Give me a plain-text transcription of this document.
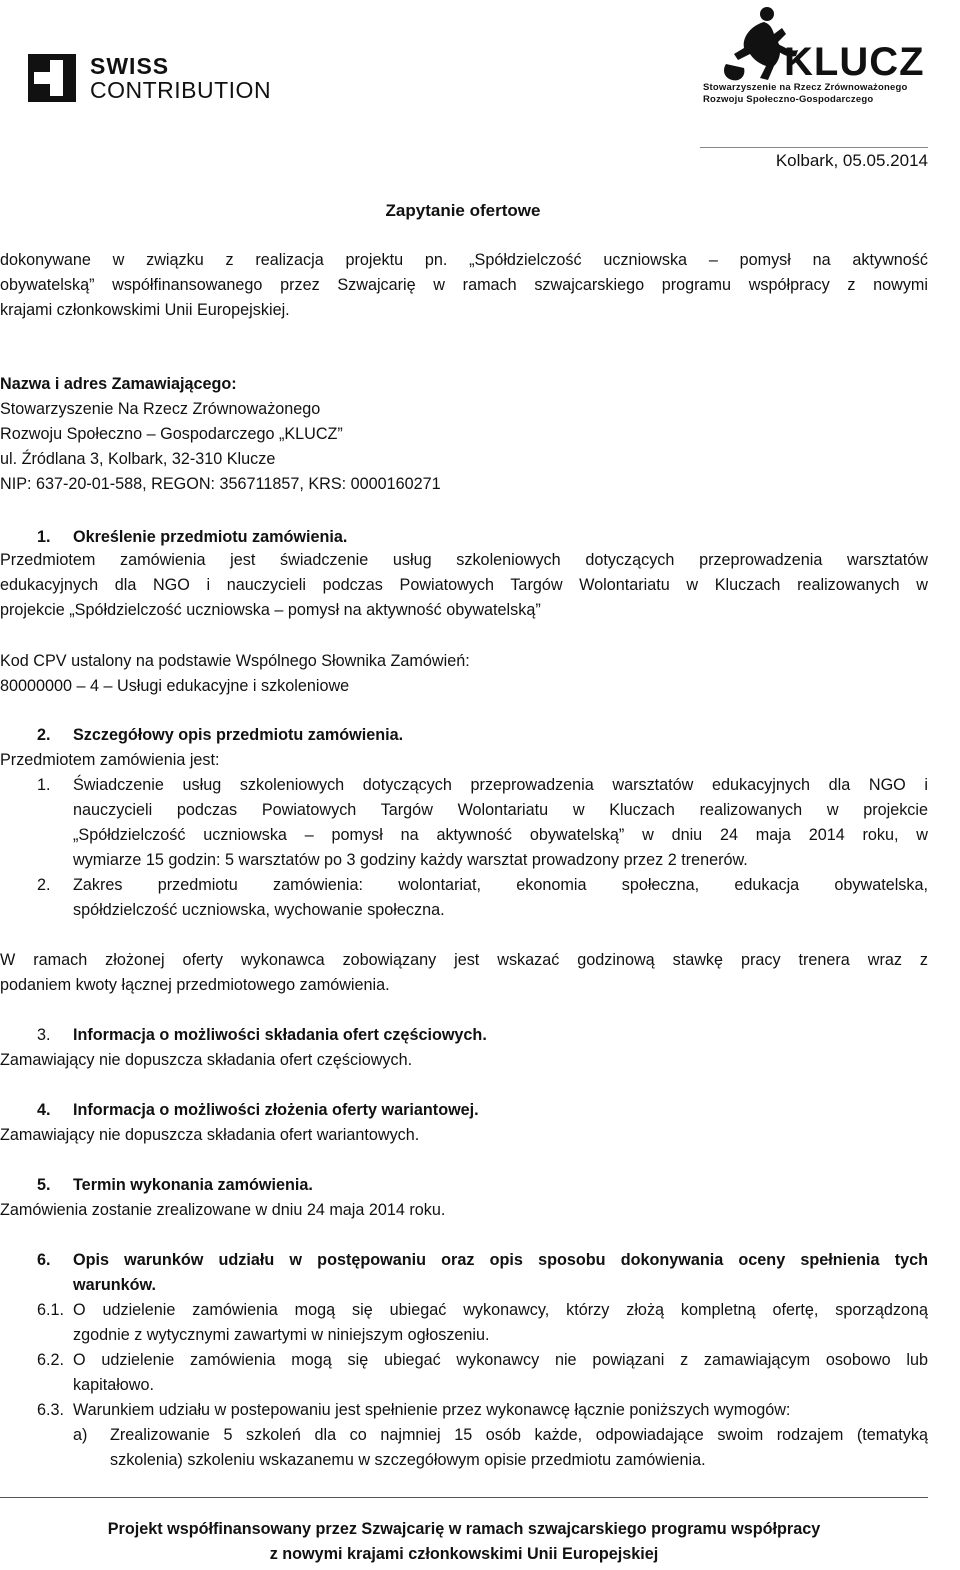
SWISS
CONTRIBUTION
KLUCZ
Stowarzyszenie na Rzecz Zrównoważonego
Rozwoju Społeczno-Gospodarczego
Kolbark, 05.05.2014
Zapytanie ofertowe
dokonywane w związku z realizacja projektu pn. „Spółdzielczość uczniowska – pomysł na aktywność
obywatelską” współfinansowanego przez Szwajcarię w ramach szwajcarskiego programu współpracy z nowymi
krajami członkowskimi Unii Europejskiej.
Nazwa i adres Zamawiającego:
Stowarzyszenie Na Rzecz Zrównoważonego
Rozwoju Społeczno – Gospodarczego „KLUCZ”
ul. Źródlana 3, Kolbark, 32-310 Klucze
NIP: 637-20-01-588, REGON: 356711857, KRS: 0000160271
1. Określenie przedmiotu zamówienia.
Przedmiotem zamówienia jest świadczenie usług szkoleniowych dotyczących przeprowadzenia warsztatów
edukacyjnych dla NGO i nauczycieli podczas Powiatowych Targów Wolontariatu w Kluczach realizowanych w
projekcie „Spółdzielczość uczniowska – pomysł na aktywność obywatelską”
Kod CPV ustalony na podstawie Wspólnego Słownika Zamówień:
80000000 – 4 – Usługi edukacyjne i szkoleniowe
2. Szczegółowy opis przedmiotu zamówienia.
Przedmiotem zamówienia jest:
1. Świadczenie usług szkoleniowych dotyczących przeprowadzenia warsztatów edukacyjnych dla NGO i
nauczycieli podczas Powiatowych Targów Wolontariatu w Kluczach realizowanych w projekcie
„Spółdzielczość uczniowska – pomysł na aktywność obywatelską” w dniu 24 maja 2014 roku, w
wymiarze 15 godzin: 5 warsztatów po 3 godziny każdy warsztat prowadzony przez 2 trenerów.
2. Zakres przedmiotu zamówienia: wolontariat, ekonomia społeczna, edukacja obywatelska,
spółdzielczość uczniowska, wychowanie społeczna.
W ramach złożonej oferty wykonawca zobowiązany jest wskazać godzinową stawkę pracy trenera wraz z
podaniem kwoty łącznej przedmiotowego zamówienia.
3. Informacja o możliwości składania ofert częściowych.
Zamawiający nie dopuszcza składania ofert częściowych.
4. Informacja o możliwości złożenia oferty wariantowej.
Zamawiający nie dopuszcza składania ofert wariantowych.
5. Termin wykonania zamówienia.
Zamówienia zostanie zrealizowane w dniu 24 maja 2014 roku.
6. Opis warunków udziału w postępowaniu oraz opis sposobu dokonywania oceny spełnienia tych
warunków.
6.1. O udzielenie zamówienia mogą się ubiegać wykonawcy, którzy złożą kompletną ofertę, sporządzoną
zgodnie z wytycznymi zawartymi w niniejszym ogłoszeniu.
6.2. O udzielenie zamówienia mogą się ubiegać wykonawcy nie powiązani z zamawiającym osobowo lub
kapitałowo.
6.3. Warunkiem udziału w postepowaniu jest spełnienie przez wykonawcę łącznie poniższych wymogów:
a) Zrealizowanie 5 szkoleń dla co najmniej 15 osób każde, odpowiadające swoim rodzajem (tematyką
szkolenia) szkoleniu wskazanemu w szczegółowym opisie przedmiotu zamówienia.
Projekt współfinansowany przez Szwajcarię w ramach szwajcarskiego programu współpracy
z nowymi krajami członkowskimi Unii Europejskiej
